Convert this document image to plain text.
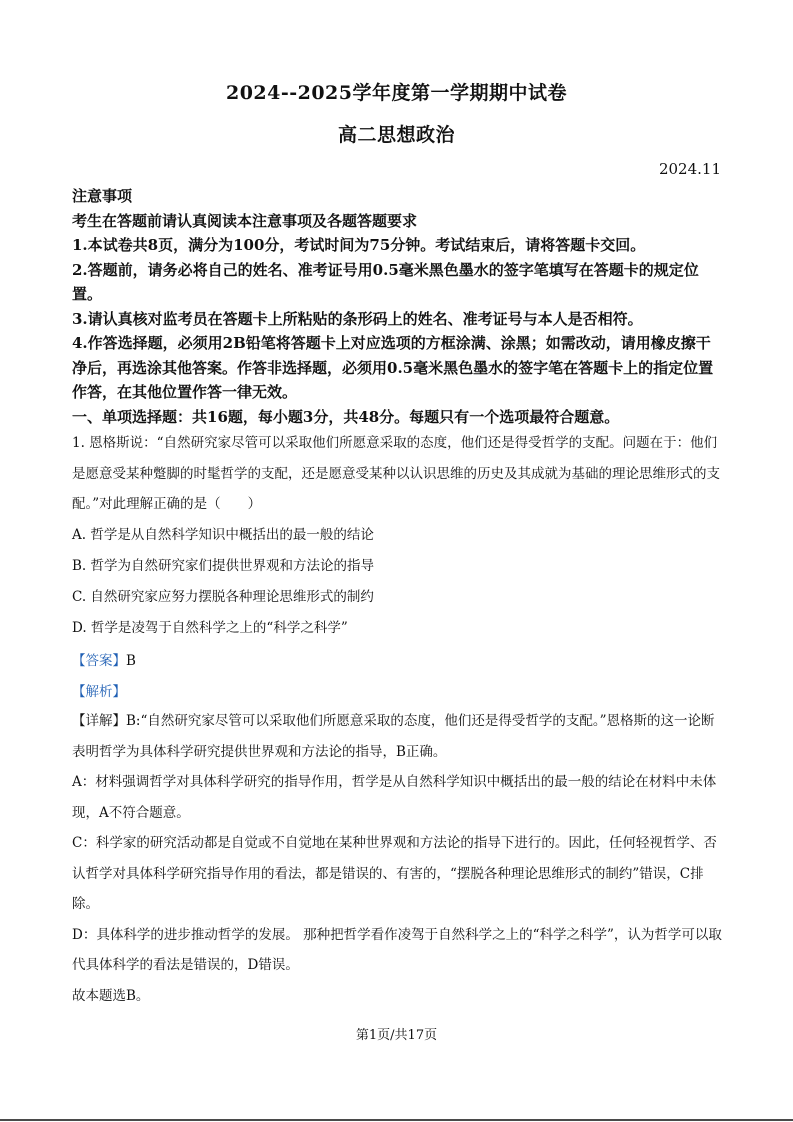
2024--2025学年度第一学期期中试卷
高二思想政治
2024.11
注意事项
考生在答题前请认真阅读本注意事项及各题答题要求
1.本试卷共8页，满分为100分，考试时间为75分钟。考试结束后，请将答题卡交回。
2.答题前，请务必将自己的姓名、准考证号用0.5毫米黑色墨水的签字笔填写在答题卡的规定位置。
3.请认真核对监考员在答题卡上所粘贴的条形码上的姓名、准考证号与本人是否相符。
4.作答选择题，必须用2B铅笔将答题卡上对应选项的方框涂满、涂黑；如需改动，请用橡皮擦干净后，再选涂其他答案。作答非选择题，必须用0.5毫米黑色墨水的签字笔在答题卡上的指定位置作答，在其他位置作答一律无效。
一、单项选择题：共16题，每小题3分，共48分。每题只有一个选项最符合题意。
1. 恩格斯说：“自然研究家尽管可以采取他们所愿意采取的态度，他们还是得受哲学的支配。问题在于：他们是愿意受某种蹩脚的时髦哲学的支配，还是愿意受某种以认识思维的历史及其成就为基础的理论思维形式的支配。”对此理解正确的是（　　）
A. 哲学是从自然科学知识中概括出的最一般的结论
B. 哲学为自然研究家们提供世界观和方法论的指导
C. 自然研究家应努力摆脱各种理论思维形式的制约
D. 哲学是凌驾于自然科学之上的“科学之科学”
【答案】B
【解析】
【详解】B:“自然研究家尽管可以采取他们所愿意采取的态度，他们还是得受哲学的支配。”恩格斯的这一论断表明哲学为具体科学研究提供世界观和方法论的指导，B正确。
A：材料强调哲学对具体科学研究的指导作用，哲学是从自然科学知识中概括出的最一般的结论在材料中未体现，A不符合题意。
C：科学家的研究活动都是自觉或不自觉地在某种世界观和方法论的指导下进行的。因此，任何轻视哲学、否认哲学对具体科学研究指导作用的看法，都是错误的、有害的，“摆脱各种理论思维形式的制约”错误，C排除。
D：具体科学的进步推动哲学的发展。 那种把哲学看作凌驾于自然科学之上的“科学之科学”，认为哲学可以取代具体科学的看法是错误的，D错误。
故本题选B。
第1页/共17页
